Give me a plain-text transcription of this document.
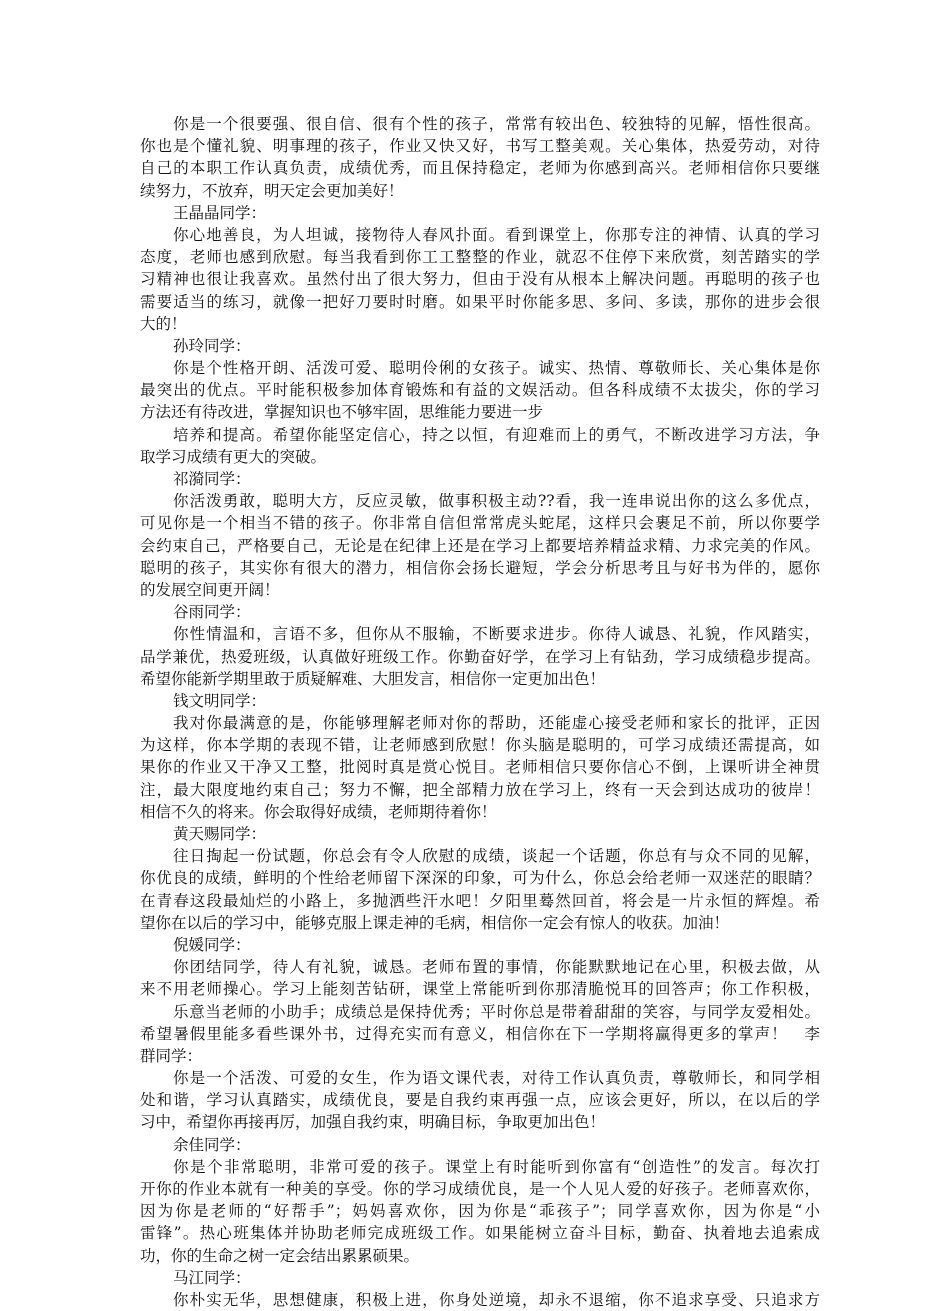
你是一个很要强、很自信、很有个性的孩子，常常有较出色、较独特的见解，悟性很高。
你也是个懂礼貌、明事理的孩子，作业又快又好，书写工整美观。关心集体，热爱劳动，对待
自己的本职工作认真负责，成绩优秀，而且保持稳定，老师为你感到高兴。老师相信你只要继
续努力，不放弃，明天定会更加美好！
王晶晶同学：
你心地善良，为人坦诚，接物待人春风扑面。看到课堂上，你那专注的神情、认真的学习
态度，老师也感到欣慰。每当我看到你工工整整的作业，就忍不住停下来欣赏，刻苦踏实的学
习精神也很让我喜欢。虽然付出了很大努力，但由于没有从根本上解决问题。再聪明的孩子也
需要适当的练习，就像一把好刀要时时磨。如果平时你能多思、多问、多读，那你的进步会很
大的！
孙玲同学：
你是个性格开朗、活泼可爱、聪明伶俐的女孩子。诚实、热情、尊敬师长、关心集体是你
最突出的优点。平时能积极参加体育锻炼和有益的文娱活动。但各科成绩不太拔尖，你的学习
方法还有待改进，掌握知识也不够牢固，思维能力要进一步
培养和提高。希望你能坚定信心，持之以恒，有迎难而上的勇气，不断改进学习方法，争
取学习成绩有更大的突破。
祁漪同学：
你活泼勇敢，聪明大方，反应灵敏，做事积极主动??看，我一连串说出你的这么多优点，
可见你是一个相当不错的孩子。你非常自信但常常虎头蛇尾，这样只会裹足不前，所以你要学
会约束自己，严格要自己，无论是在纪律上还是在学习上都要培养精益求精、力求完美的作风。
聪明的孩子，其实你有很大的潜力，相信你会扬长避短，学会分析思考且与好书为伴的，愿你
的发展空间更开阔！
谷雨同学：
你性情温和，言语不多，但你从不服输，不断要求进步。你待人诚恳、礼貌，作风踏实，
品学兼优，热爱班级，认真做好班级工作。你勤奋好学，在学习上有钻劲，学习成绩稳步提高。
希望你能新学期里敢于质疑解难、大胆发言，相信你一定更加出色！
钱文明同学：
我对你最满意的是，你能够理解老师对你的帮助，还能虚心接受老师和家长的批评，正因
为这样，你本学期的表现不错，让老师感到欣慰！你头脑是聪明的，可学习成绩还需提高，如
果你的作业又干净又工整，批阅时真是赏心悦目。老师相信只要你信心不倒，上课听讲全神贯
注，最大限度地约束自己；努力不懈，把全部精力放在学习上，终有一天会到达成功的彼岸！
相信不久的将来。你会取得好成绩，老师期待着你！
黄天赐同学：
往日掏起一份试题，你总会有令人欣慰的成绩，谈起一个话题，你总有与众不同的见解，
你优良的成绩，鲜明的个性给老师留下深深的印象，可为什么，你总会给老师一双迷茫的眼睛？
在青春这段最灿烂的小路上，多抛洒些汗水吧！夕阳里蓦然回首，将会是一片永恒的辉煌。希
望你在以后的学习中，能够克服上课走神的毛病，相信你一定会有惊人的收获。加油！
倪媛同学：
你团结同学，待人有礼貌，诚恳。老师布置的事情，你能默默地记在心里，积极去做，从
来不用老师操心。学习上能刻苦钻研，课堂上常能听到你那清脆悦耳的回答声；你工作积极，
乐意当老师的小助手；成绩总是保持优秀；平时你总是带着甜甜的笑容，与同学友爱相处。
希望暑假里能多看些课外书，过得充实而有意义，相信你在下一学期将赢得更多的掌声！　李
群同学：
你是一个活泼、可爱的女生，作为语文课代表，对待工作认真负责，尊敬师长，和同学相
处和谐，学习认真踏实，成绩优良，要是自我约束再强一点，应该会更好，所以，在以后的学
习中，希望你再接再厉，加强自我约束，明确目标，争取更加出色！
余佳同学：
你是个非常聪明，非常可爱的孩子。课堂上有时能听到你富有“创造性”的发言。每次打
开你的作业本就有一种美的享受。你的学习成绩优良，是一个人见人爱的好孩子。老师喜欢你，
因为你是老师的“好帮手”；妈妈喜欢你，因为你是“乖孩子”；同学喜欢你，因为你是“小
雷锋”。热心班集体并协助老师完成班级工作。如果能树立奋斗目标，勤奋、执着地去追索成
功，你的生命之树一定会结出累累硕果。
马江同学：
你朴实无华，思想健康，积极上进，你身处逆境，却永不退缩，你不追求享受、只追求方
